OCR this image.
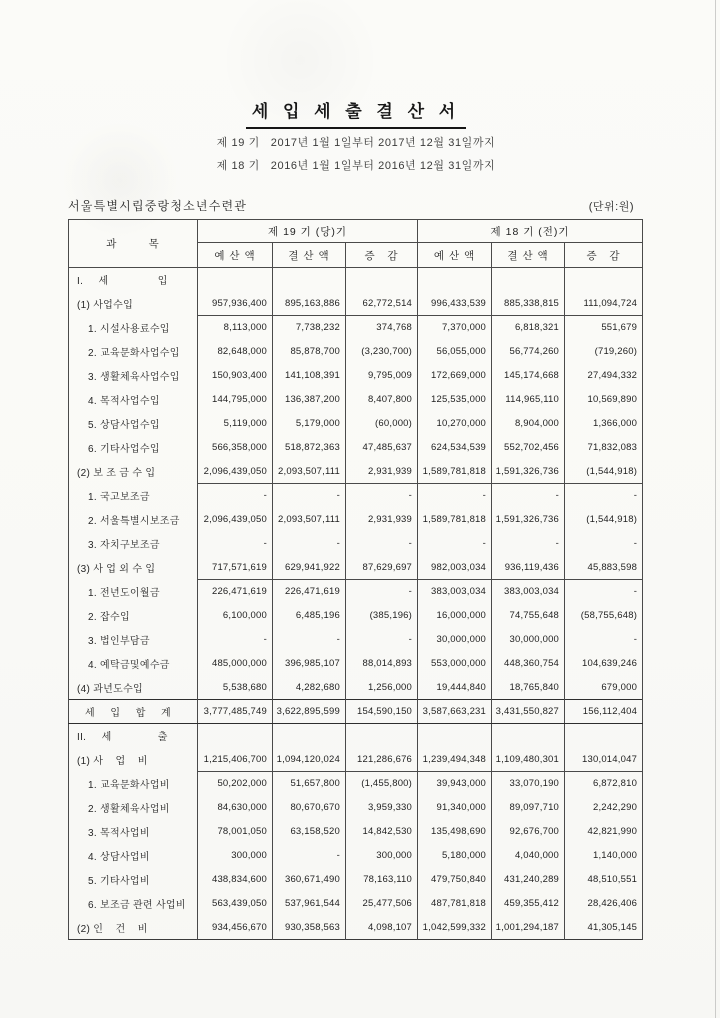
세 입 세 출 결 산 서
제 19 기   2017년 1월 1일부터 2017년 12월 31일까지
제 18 기   2016년 1월 1일부터 2016년 12월 31일까지
서울특별시립중랑청소년수련관	(단위:원)
과        목	제 19 기 (당)기			제 18 기 (전)기		
	예 산 액	결 산 액	증   감	예 산 액	결 산 액	증   감
I.     세                입						
(1) 사업수입	957,936,400	895,163,886	62,772,514	996,433,539	885,338,815	111,094,724
1. 시설사용료수입	8,113,000	7,738,232	374,768	7,370,000	6,818,321	551,679
2. 교육문화사업수입	82,648,000	85,878,700	(3,230,700)	56,055,000	56,774,260	(719,260)
3. 생활체육사업수입	150,903,400	141,108,391	9,795,009	172,669,000	145,174,668	27,494,332
4. 목적사업수입	144,795,000	136,387,200	8,407,800	125,535,000	114,965,110	10,569,890
5. 상담사업수입	5,119,000	5,179,000	(60,000)	10,270,000	8,904,000	1,366,000
6. 기타사업수입	566,358,000	518,872,363	47,485,637	624,534,539	552,702,456	71,832,083
(2) 보 조 금 수 입	2,096,439,050	2,093,507,111	2,931,939	1,589,781,818	1,591,326,736	(1,544,918)
1. 국고보조금	-	-	-	-	-	-
2. 서울특별시보조금	2,096,439,050	2,093,507,111	2,931,939	1,589,781,818	1,591,326,736	(1,544,918)
3. 자치구보조금	-	-	-	-	-	-
(3) 사 업 외 수 입	717,571,619	629,941,922	87,629,697	982,003,034	936,119,436	45,883,598
1. 전년도이월금	226,471,619	226,471,619	-	383,003,034	383,003,034	-
2. 잡수입	6,100,000	6,485,196	(385,196)	16,000,000	74,755,648	(58,755,648)
3. 법인부담금	-	-	-	30,000,000	30,000,000	-
4. 예탁금및예수금	485,000,000	396,985,107	88,014,893	553,000,000	448,360,754	104,639,246
(4) 과년도수입	5,538,680	4,282,680	1,256,000	19,444,840	18,765,840	679,000
세     입     합     계	3,777,485,749	3,622,895,599	154,590,150	3,587,663,231	3,431,550,827	156,112,404
II.     세               출						
(1) 사    업    비	1,215,406,700	1,094,120,024	121,286,676	1,239,494,348	1,109,480,301	130,014,047
1. 교육문화사업비	50,202,000	51,657,800	(1,455,800)	39,943,000	33,070,190	6,872,810
2. 생활체육사업비	84,630,000	80,670,670	3,959,330	91,340,000	89,097,710	2,242,290
3. 목적사업비	78,001,050	63,158,520	14,842,530	135,498,690	92,676,700	42,821,990
4. 상담사업비	300,000	-	300,000	5,180,000	4,040,000	1,140,000
5. 기타사업비	438,834,600	360,671,490	78,163,110	479,750,840	431,240,289	48,510,551
6. 보조금 관련 사업비	563,439,050	537,961,544	25,477,506	487,781,818	459,355,412	28,426,406
(2) 인    건    비	934,456,670	930,358,563	4,098,107	1,042,599,332	1,001,294,187	41,305,145
